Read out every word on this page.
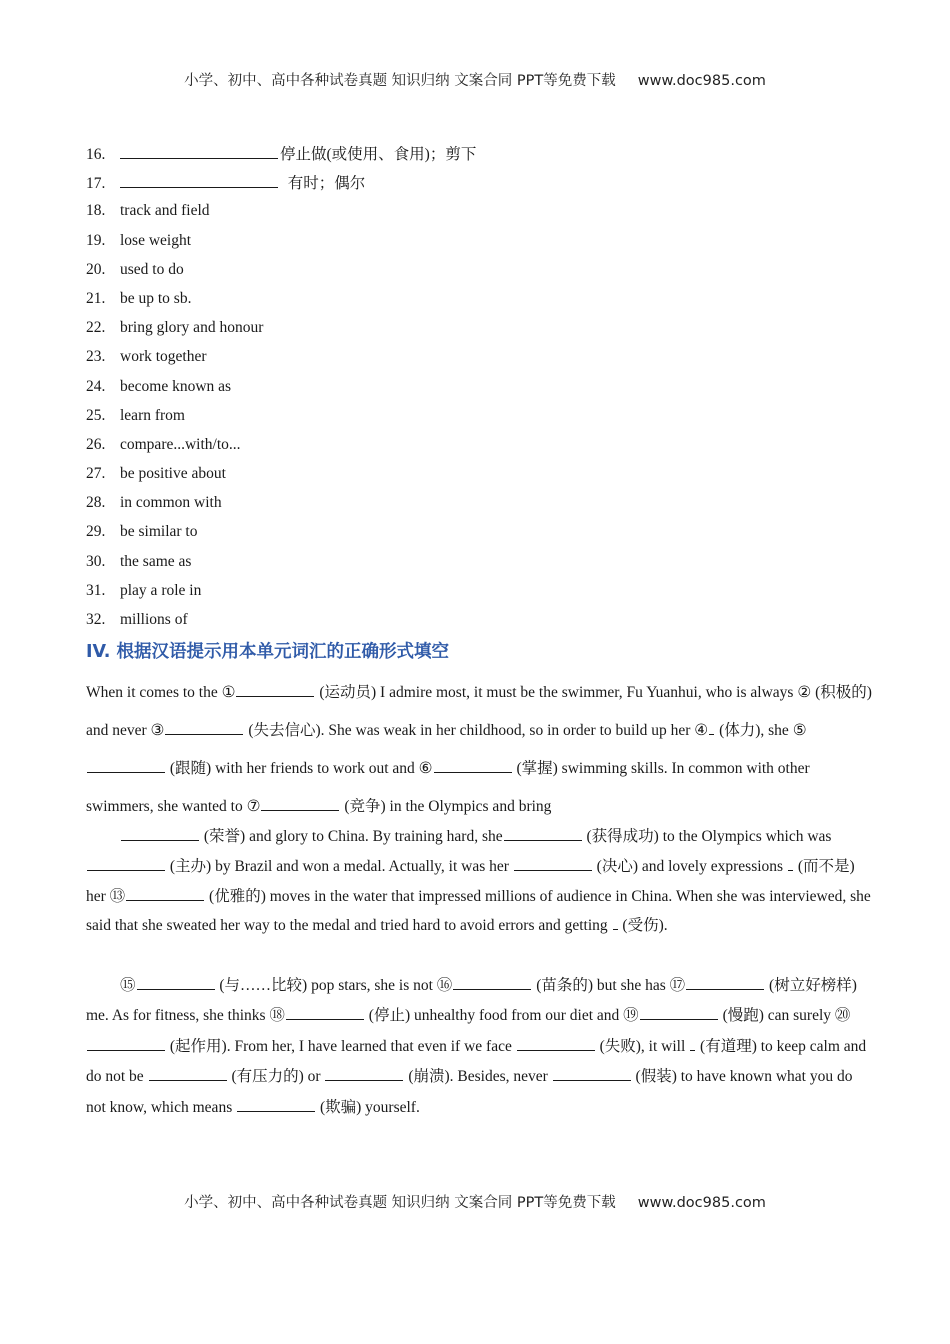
小学、初中、高中各种试卷真题 知识归纳 文案合同 PPT等免费下载 www.doc985.com
16.	停止做(或使用、食用)；剪下
17.	有时；偶尔
18. track and field
19. lose weight
20. used to do
21. be up to sb.
22. bring glory and honour
23. work together
24. become known as
25. learn from
26. compare...with/to...
27. be positive about
28. in common with
29. be similar to
30. the same as
31. play a role in
32. millions of
IV. 根据汉语提示用本单元词汇的正确形式填空
When it comes to the ①	(运动员) I admire most, it must be the swimmer, Fu Yuanhui, who is always ② (积极的) and never ③	(失去信心). She was weak in her childhood, so in order to build up her ④ (体力), she ⑤ (跟随) with her friends to work out and ⑥	(掌握) swimming skills. In common with other swimmers, she wanted to ⑦	(竞争) in the Olympics and bring
(荣誉) and glory to China. By training hard, she	(获得成功) to the Olympics which was (主办) by Brazil and won a medal. Actually, it was her	(决心) and lovely expressions  (而不是) her ⑬	(优雅的) moves in the water that impressed millions of audience in China. When she was interviewed, she said that she sweated her way to the medal and tried hard to avoid errors and getting  (受伤).
⑮	(与……比较) pop stars, she is not ⑯	(苗条的) but she has ⑰	(树立好榜样) me. As for fitness, she thinks ⑱	(停止) unhealthy food from our diet and ⑲	(慢跑) can surely ⑳ (起作用). From her, I have learned that even if we face	(失败), it will  (有道理) to keep calm and do not be	(有压力的) or	(崩溃). Besides, never	(假装) to have known what you do not know, which means	(欺骗) yourself.
小学、初中、高中各种试卷真题 知识归纳 文案合同 PPT等免费下载 www.doc985.com
